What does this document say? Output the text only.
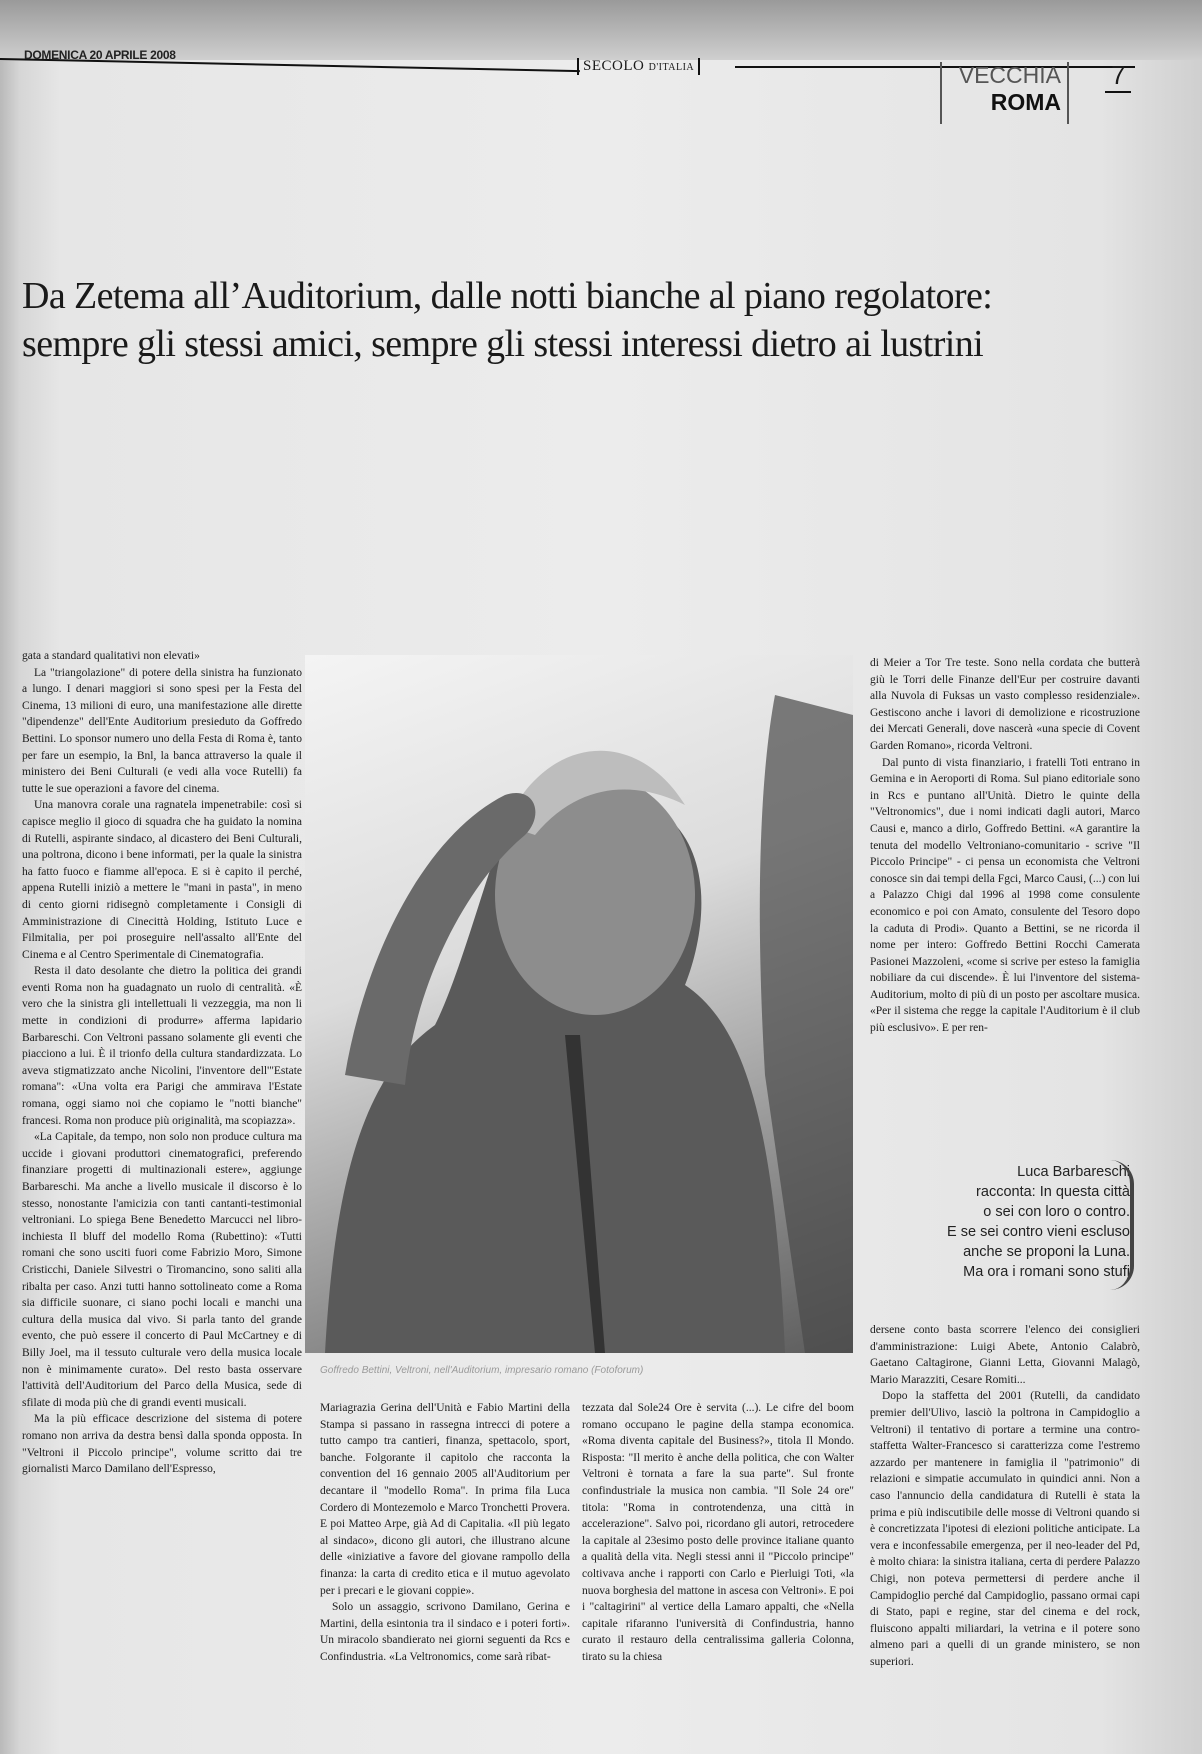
DOMENICA 20 APRILE 2008
SECOLO D'ITALIA	VECCHIA
ROMA
7
Da Zetema all’Auditorium, dalle notti bianche al piano regolatore:
sempre gli stessi amici, sempre gli stessi interessi dietro ai lustrini

gata a standard qualitativi non elevati»

La "triangolazione" di potere della sinistra ha funzionato a lungo. I denari maggiori si sono spesi per la Festa del Cinema, 13 milioni di euro, una manifestazione alle dirette "dipendenze" dell'Ente Auditorium presieduto da Goffredo Bettini. Lo sponsor numero uno della Festa di Roma è, tanto per fare un esempio, la Bnl, la banca attraverso la quale il ministero dei Beni Culturali (e vedi alla voce Rutelli) fa tutte le sue operazioni a favore del cinema.

Una manovra corale una ragnatela impenetrabile: così si capisce meglio il gioco di squadra che ha guidato la nomina di Rutelli, aspirante sindaco, al dicastero dei Beni Culturali, una poltrona, dicono i bene informati, per la quale la sinistra ha fatto fuoco e fiamme all'epoca. E si è capito il perché, appena Rutelli iniziò a mettere le "mani in pasta", in meno di cento giorni ridisegnò completamente i Consigli di Amministrazione di Cinecittà Holding, Istituto Luce e Filmitalia, per poi proseguire nell'assalto all'Ente del Cinema e al Centro Sperimentale di Cinematografia.

Resta il dato desolante che dietro la politica dei grandi eventi Roma non ha guadagnato un ruolo di centralità. «È vero che la sinistra gli intellettuali li vezzeggia, ma non li mette in condizioni di produrre» afferma lapidario Barbareschi. Con Veltroni passano solamente gli eventi che piacciono a lui. È il trionfo della cultura standardizzata. Lo aveva stigmatizzato anche Nicolini, l'inventore dell'"Estate romana": «Una volta era Parigi che ammirava l'Estate romana, oggi siamo noi che copiamo le "notti bianche" francesi. Roma non produce più originalità, ma scopiazza».

«La Capitale, da tempo, non solo non produce cultura ma uccide i giovani produttori cinematografici, preferendo finanziare progetti di multinazionali estere», aggiunge Barbareschi. Ma anche a livello musicale il discorso è lo stesso, nonostante l'amicizia con tanti cantanti-testimonial veltroniani. Lo spiega Bene Benedetto Marcucci nel libro-inchiesta Il bluff del modello Roma (Rubettino): «Tutti romani che sono usciti fuori come Fabrizio Moro, Simone Cristicchi, Daniele Silvestri o Tiromancino, sono saliti alla ribalta per caso. Anzi tutti hanno sottolineato come a Roma sia difficile suonare, ci siano pochi locali e manchi una cultura della musica dal vivo. Si parla tanto del grande evento, che può essere il concerto di Paul McCartney e di Billy Joel, ma il tessuto culturale vero della musica locale non è minimamente curato». Del resto basta osservare l'attività dell'Auditorium del Parco della Musica, sede di sfilate di moda più che di grandi eventi musicali.

Ma la più efficace descrizione del sistema di potere romano non arriva da destra bensì dalla sponda opposta. In "Veltroni il Piccolo principe", volume scritto dai tre giornalisti Marco Damilano dell'Espresso,

Goffredo Bettini, Veltroni, nell'Auditorium, impresario romano (Fotoforum)

Mariagrazia Gerina dell'Unità e Fabio Martini della Stampa si passano in rassegna intrecci di potere a tutto campo tra cantieri, finanza, spettacolo, sport, banche. Folgorante il capitolo che racconta la convention del 16 gennaio 2005 all'Auditorium per decantare il "modello Roma". In prima fila Luca Cordero di Montezemolo e Marco Tronchetti Provera. E poi Matteo Arpe, già Ad di Capitalia. «Il più legato al sindaco», dicono gli autori, che illustrano alcune delle «iniziative a favore del giovane rampollo della finanza: la carta di credito etica e il mutuo agevolato per i precari e le giovani coppie».

Solo un assaggio, scrivono Damilano, Gerina e Martini, della esintonia tra il sindaco e i poteri forti». Un miracolo sbandierato nei giorni seguenti da Rcs e Confindustria. «La Veltronomics, come sarà ribat-

tezzata dal Sole24 Ore è servita (...). Le cifre del boom romano occupano le pagine della stampa economica. «Roma diventa capitale del Business?», titola Il Mondo. Risposta: "Il merito è anche della politica, che con Walter Veltroni è tornata a fare la sua parte". Sul fronte confindustriale la musica non cambia. "Il Sole 24 ore" titola: "Roma in controtendenza, una città in accelerazione". Salvo poi, ricordano gli autori, retrocedere la capitale al 23esimo posto delle province italiane quanto a qualità della vita. Negli stessi anni il "Piccolo principe" coltivava anche i rapporti con Carlo e Pierluigi Toti, «la nuova borghesia del mattone in ascesa con Veltroni». E poi i "caltagirini" al vertice della Lamaro appalti, che «Nella capitale rifaranno l'università di Confindustria, hanno curato il restauro della centralissima galleria Colonna, tirato su la chiesa

di Meier a Tor Tre teste. Sono nella cordata che butterà giù le Torri delle Finanze dell'Eur per costruire davanti alla Nuvola di Fuksas un vasto complesso residenziale». Gestiscono anche i lavori di demolizione e ricostruzione dei Mercati Generali, dove nascerà «una specie di Covent Garden Romano», ricorda Veltroni.

Dal punto di vista finanziario, i fratelli Toti entrano in Gemina e in Aeroporti di Roma. Sul piano editoriale sono in Rcs e puntano all'Unità. Dietro le quinte della "Veltronomics", due i nomi indicati dagli autori, Marco Causi e, manco a dirlo, Goffredo Bettini. «A garantire la tenuta del modello Veltroniano-comunitario - scrive "Il Piccolo Principe" - ci pensa un economista che Veltroni conosce sin dai tempi della Fgci, Marco Causi, (...) con lui a Palazzo Chigi dal 1996 al 1998 come consulente economico e poi con Amato, consulente del Tesoro dopo la caduta di Prodi». Quanto a Bettini, se ne ricorda il nome per intero: Goffredo Bettini Rocchi Camerata Pasionei Mazzoleni, «come si scrive per esteso la famiglia nobiliare da cui discende». È lui l'inventore del sistema-Auditorium, molto di più di un posto per ascoltare musica. «Per il sistema che regge la capitale l'Auditorium è il club più esclusivo». E per ren-

Luca Barbareschi
racconta: In questa città
o sei con loro o contro.
E se sei contro vieni escluso
anche se proponi la Luna.
Ma ora i romani sono stufi

dersene conto basta scorrere l'elenco dei consiglieri d'amministrazione: Luigi Abete, Antonio Calabrò, Gaetano Caltagirone, Gianni Letta, Giovanni Malagò, Mario Marazziti, Cesare Romiti...

Dopo la staffetta del 2001 (Rutelli, da candidato premier dell'Ulivo, lasciò la poltrona in Campidoglio a Veltroni) il tentativo di portare a termine una contro-staffetta Walter-Francesco si caratterizza come l'estremo azzardo per mantenere in famiglia il "patrimonio" di relazioni e simpatie accumulato in quindici anni. Non a caso l'annuncio della candidatura di Rutelli è stata la prima e più indiscutibile delle mosse di Veltroni quando si è concretizzata l'ipotesi di elezioni politiche anticipate. La vera e inconfessabile emergenza, per il neo-leader del Pd, è molto chiara: la sinistra italiana, certa di perdere Palazzo Chigi, non poteva permettersi di perdere anche il Campidoglio perché dal Campidoglio, passano ormai capi di Stato, papi e regine, star del cinema e del rock, fluiscono appalti miliardari, la vetrina e il potere sono almeno pari a quelli di un grande ministero, se non superiori.
